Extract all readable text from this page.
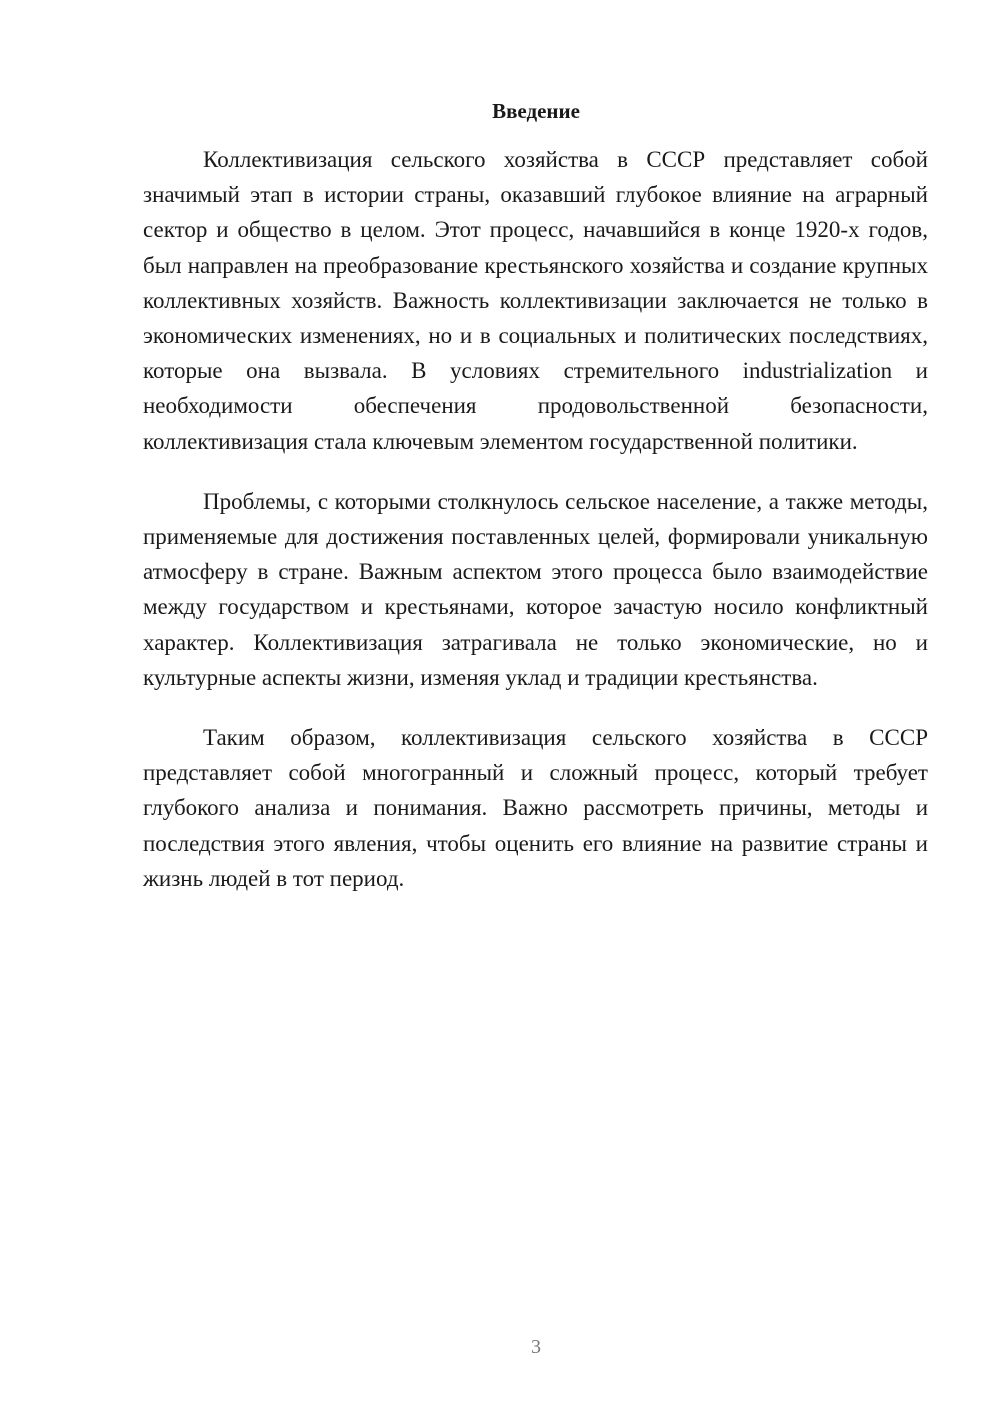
Введение

Коллективизация сельского хозяйства в СССР представляет собой значимый этап в истории страны, оказавший глубокое влияние на аграрный сектор и общество в целом. Этот процесс, начавшийся в конце 1920-х годов, был направлен на преобразование крестьянского хозяйства и создание крупных коллективных хозяйств. Важность коллективизации заключается не только в экономических изменениях, но и в социальных и политических последствиях, которые она вызвала. В условиях стремительного industrialization и необходимости обеспечения продовольственной безопасности, коллективизация стала ключевым элементом государственной политики.

Проблемы, с которыми столкнулось сельское население, а также методы, применяемые для достижения поставленных целей, формировали уникальную атмосферу в стране. Важным аспектом этого процесса было взаимодействие между государством и крестьянами, которое зачастую носило конфликтный характер. Коллективизация затрагивала не только экономические, но и культурные аспекты жизни, изменяя уклад и традиции крестьянства.

Таким образом, коллективизация сельского хозяйства в СССР представляет собой многогранный и сложный процесс, который требует глубокого анализа и понимания. Важно рассмотреть причины, методы и последствия этого явления, чтобы оценить его влияние на развитие страны и жизнь людей в тот период.

3
